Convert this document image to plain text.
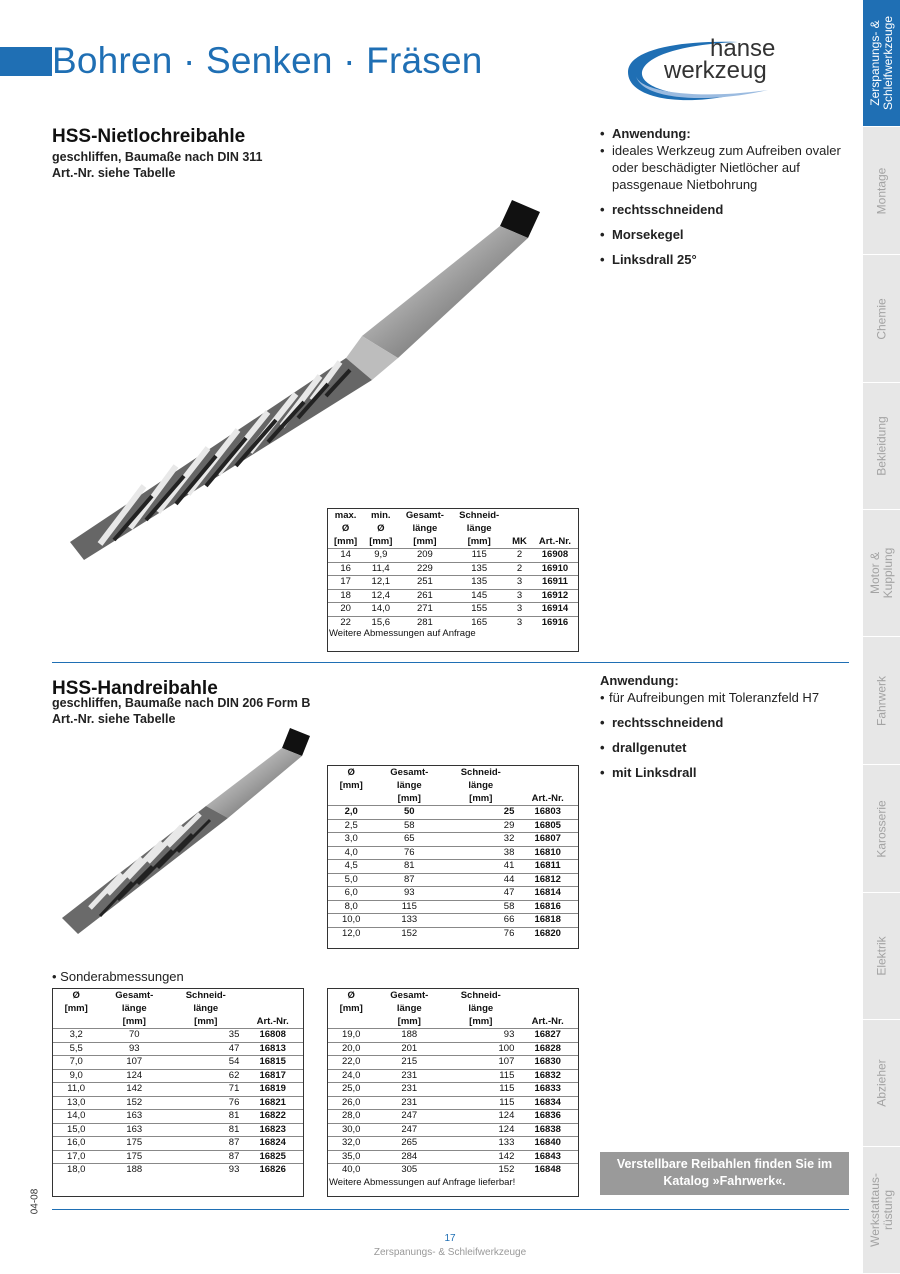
Bohren · Senken · Fräsen	hanse
werkzeug	Zerspanungs- & Schleifwerkzeuge
Montage
Chemie
Bekleidung
Motor & Kupplung
Fahrwerk
Karosserie
Elektrik
Abzieher
Werkstattaus-rüstung
HSS-Nietlochreibahle
geschliffen, Baumaße nach DIN 311
Art.-Nr. siehe Tabelle
• Anwendung:
• ideales Werkzeug zum Aufreiben ovaler oder beschädigter Nietlöcher auf passgenaue Nietbohrung
• rechtsschneidend
• Morsekegel
• Linksdrall 25°
max.
Ø
[mm]	min.
Ø
[mm]	Gesamt-
länge
[mm]	Schneid-
länge
[mm]	MK	Art.-Nr.
14	9,9	209	115	2	16908
16	11,4	229	135	2	16910
17	12,1	251	135	3	16911
18	12,4	261	145	3	16912
20	14,0	271	155	3	16914
22	15,6	281	165	3	16916
Weitere Abmessungen auf Anfrage
HSS-Handreibahle
geschliffen, Baumaße nach DIN 206 Form B
Art.-Nr. siehe Tabelle
Anwendung:
• für Aufreibungen mit Toleranzfeld H7
• rechtsschneidend
• drallgenutet
• mit Linksdrall
Ø
[mm]	Gesamt-
länge
[mm]	Schneid-
länge
[mm]	Art.-Nr.
2,0	50	25	16803
2,5	58	29	16805
3,0	65	32	16807
4,0	76	38	16810
4,5	81	41	16811
5,0	87	44	16812
6,0	93	47	16814
8,0	115	58	16816
10,0	133	66	16818
12,0	152	76	16820
• Sonderabmessungen
Ø
[mm]	Gesamt-
länge
[mm]	Schneid-
länge
[mm]	Art.-Nr.
3,2	70	35	16808
5,5	93	47	16813
7,0	107	54	16815
9,0	124	62	16817
11,0	142	71	16819
13,0	152	76	16821
14,0	163	81	16822
15,0	163	81	16823
16,0	175	87	16824
17,0	175	87	16825
18,0	188	93	16826
Ø
[mm]	Gesamt-
länge
[mm]	Schneid-
länge
[mm]	Art.-Nr.
19,0	188	93	16827
20,0	201	100	16828
22,0	215	107	16830
24,0	231	115	16832
25,0	231	115	16833
26,0	231	115	16834
28,0	247	124	16836
30,0	247	124	16838
32,0	265	133	16840
35,0	284	142	16843
40,0	305	152	16848
Weitere Abmessungen auf Anfrage lieferbar!
Verstellbare Reibahlen finden Sie im Katalog »Fahrwerk«.
04-08
17
Zerspanungs- & Schleifwerkzeuge
